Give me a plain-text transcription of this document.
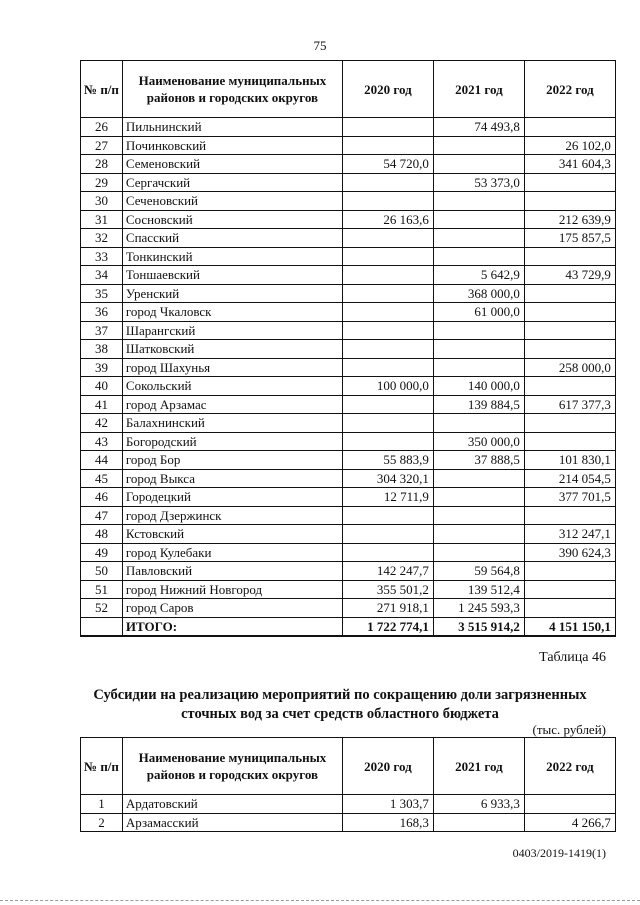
75
№ п/п	Наименование муниципальных районов и городских округов	2020 год	2021 год	2022 год
26	Пильнинский		74 493,8	
27	Починковский			26 102,0
28	Семеновский	54 720,0		341 604,3
29	Сергачский		53 373,0	
30	Сеченовский			
31	Сосновский	26 163,6		212 639,9
32	Спасский			175 857,5
33	Тонкинский			
34	Тоншаевский		5 642,9	43 729,9
35	Уренский		368 000,0	
36	город Чкаловск		61 000,0	
37	Шарангский			
38	Шатковский			
39	город Шахунья			258 000,0
40	Сокольский	100 000,0	140 000,0	
41	город Арзамас		139 884,5	617 377,3
42	Балахнинский			
43	Богородский		350 000,0	
44	город Бор	55 883,9	37 888,5	101 830,1
45	город Выкса	304 320,1		214 054,5
46	Городецкий	12 711,9		377 701,5
47	город Дзержинск			
48	Кстовский			312 247,1
49	город Кулебаки			390 624,3
50	Павловский	142 247,7	59 564,8	
51	город Нижний Новгород	355 501,2	139 512,4	
52	город Саров	271 918,1	1 245 593,3	
	ИТОГО:	1 722 774,1	3 515 914,2	4 151 150,1
Таблица 46
Субсидии на реализацию мероприятий по сокращению доли загрязненных сточных вод за счет средств областного бюджета
(тыс. рублей)
№ п/п	Наименование муниципальных районов и городских округов	2020 год	2021 год	2022 год
1	Ардатовский	1 303,7	6 933,3	
2	Арзамасский	168,3		4 266,7
0403/2019-1419(1)
